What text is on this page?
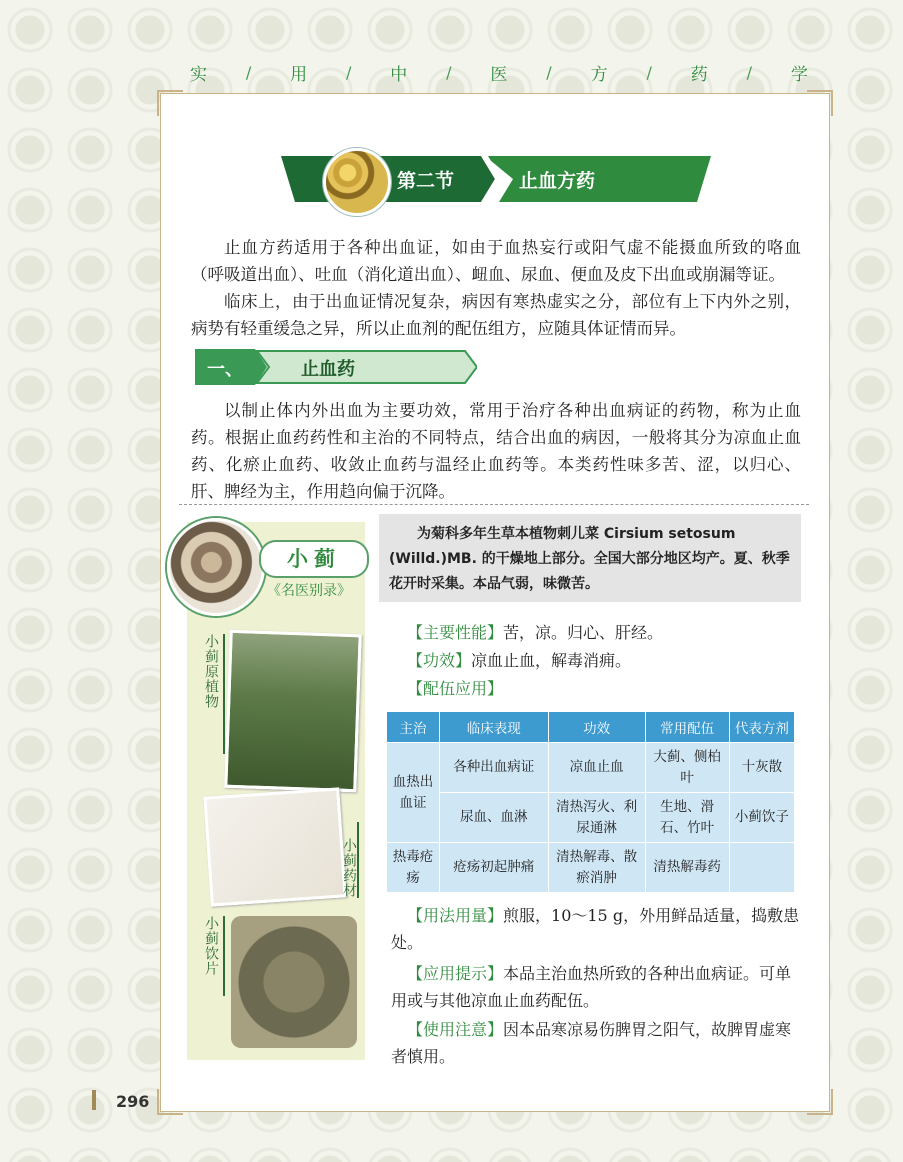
实 / 用 / 中 / 医 / 方 / 药 / 学
第二节	止血方药
止血方药适用于各种出血证，如由于血热妄行或阳气虚不能摄血所致的咯血（呼吸道出血）、吐血（消化道出血）、衄血、尿血、便血及皮下出血或崩漏等证。
临床上，由于出血证情况复杂，病因有寒热虚实之分，部位有上下内外之别，病势有轻重缓急之异，所以止血剂的配伍组方，应随具体证情而异。
一、	止血药
以制止体内外出血为主要功效，常用于治疗各种出血病证的药物，称为止血药。根据止血药药性和主治的不同特点，结合出血的病因，一般将其分为凉血止血药、化瘀止血药、收敛止血药与温经止血药等。本类药性味多苦、涩，以归心、肝、脾经为主，作用趋向偏于沉降。
小蓟
《名医别录》
小蓟原植物
小蓟药材
小蓟饮片

为菊科多年生草本植物刺儿菜 Cirsium setosum (Willd.)MB. 的干燥地上部分。全国大部分地区均产。夏、秋季花开时采集。本品气弱，味微苦。

【主要性能】苦，凉。归心、肝经。
【功效】凉血止血，解毒消痈。
【配伍应用】
主治	临床表现	功效	常用配伍	代表方剂
血热出血证	各种出血病证	凉血止血	大蓟、侧柏叶	十灰散
	尿血、血淋	清热泻火、利尿通淋	生地、滑石、竹叶	小蓟饮子
热毒疮疡	疮疡初起肿痛	清热解毒、散瘀消肿	清热解毒药	
【用法用量】煎服，10～15 g，外用鲜品适量，捣敷患处。
【应用提示】本品主治血热所致的各种出血病证。可单用或与其他凉血止血药配伍。
【使用注意】因本品寒凉易伤脾胃之阳气，故脾胃虚寒者慎用。
296
